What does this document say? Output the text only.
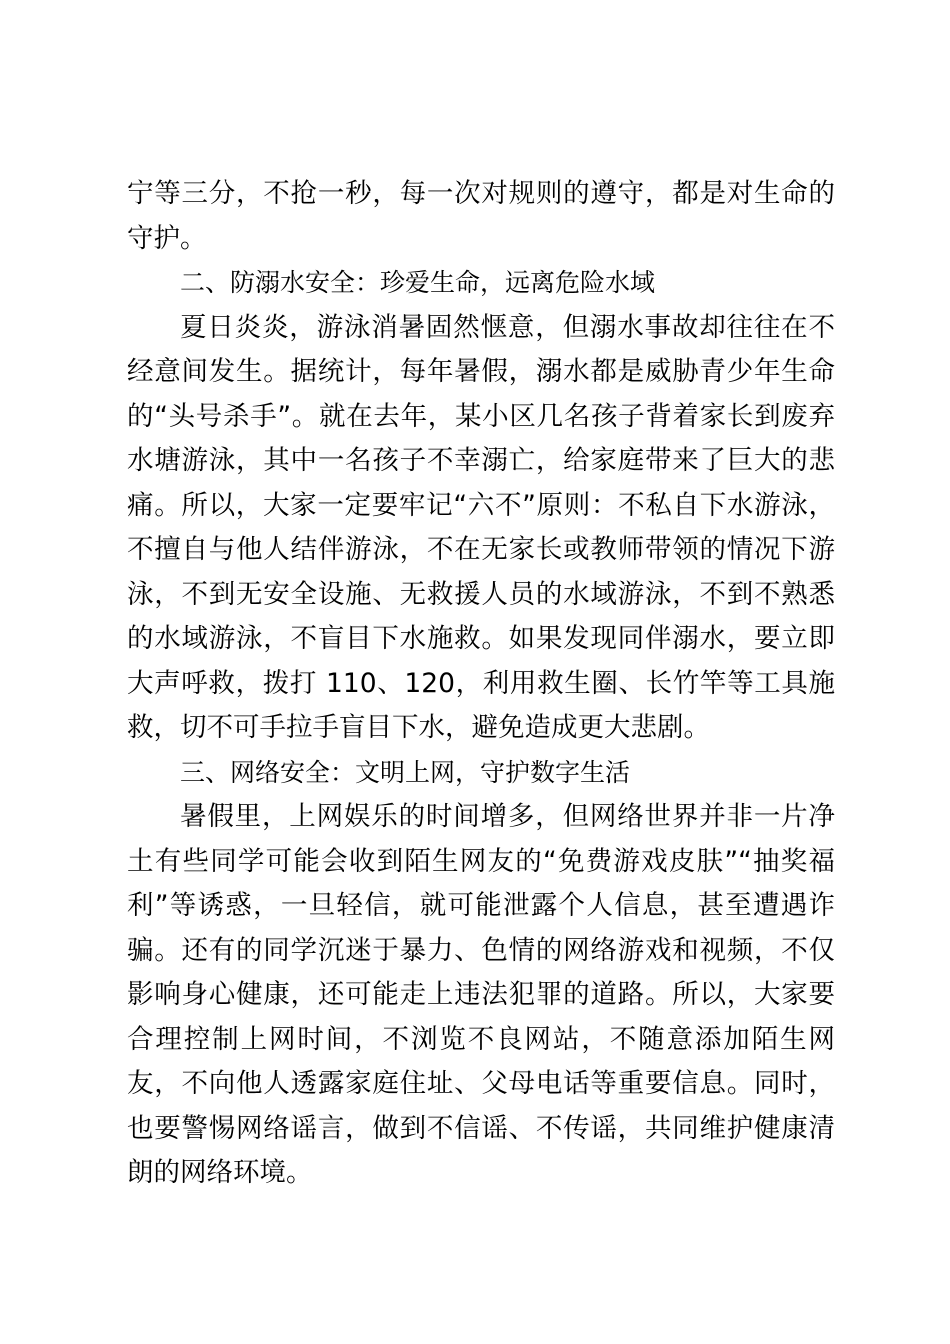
宁等三分，不抢一秒，每一次对规则的遵守，都是对生命的守护。

二、防溺水安全：珍爱生命，远离危险水域

夏日炎炎，游泳消暑固然惬意，但溺水事故却往往在不经意间发生。据统计，每年暑假，溺水都是威胁青少年生命的“头号杀手”。就在去年，某小区几名孩子背着家长到废弃水塘游泳，其中一名孩子不幸溺亡，给家庭带来了巨大的悲痛。所以，大家一定要牢记“六不”原则：不私自下水游泳，不擅自与他人结伴游泳，不在无家长或教师带领的情况下游泳，不到无安全设施、无救援人员的水域游泳，不到不熟悉的水域游泳，不盲目下水施救。如果发现同伴溺水，要立即大声呼救，拨打 110、120，利用救生圈、长竹竿等工具施救，切不可手拉手盲目下水，避免造成更大悲剧。

三、网络安全：文明上网，守护数字生活

暑假里，上网娱乐的时间增多，但网络世界并非一片净土有些同学可能会收到陌生网友的“免费游戏皮肤”“抽奖福利”等诱惑，一旦轻信，就可能泄露个人信息，甚至遭遇诈骗。还有的同学沉迷于暴力、色情的网络游戏和视频，不仅影响身心健康，还可能走上违法犯罪的道路。所以，大家要合理控制上网时间，不浏览不良网站，不随意添加陌生网友，不向他人透露家庭住址、父母电话等重要信息。同时，也要警惕网络谣言，做到不信谣、不传谣，共同维护健康清朗的网络环境。
